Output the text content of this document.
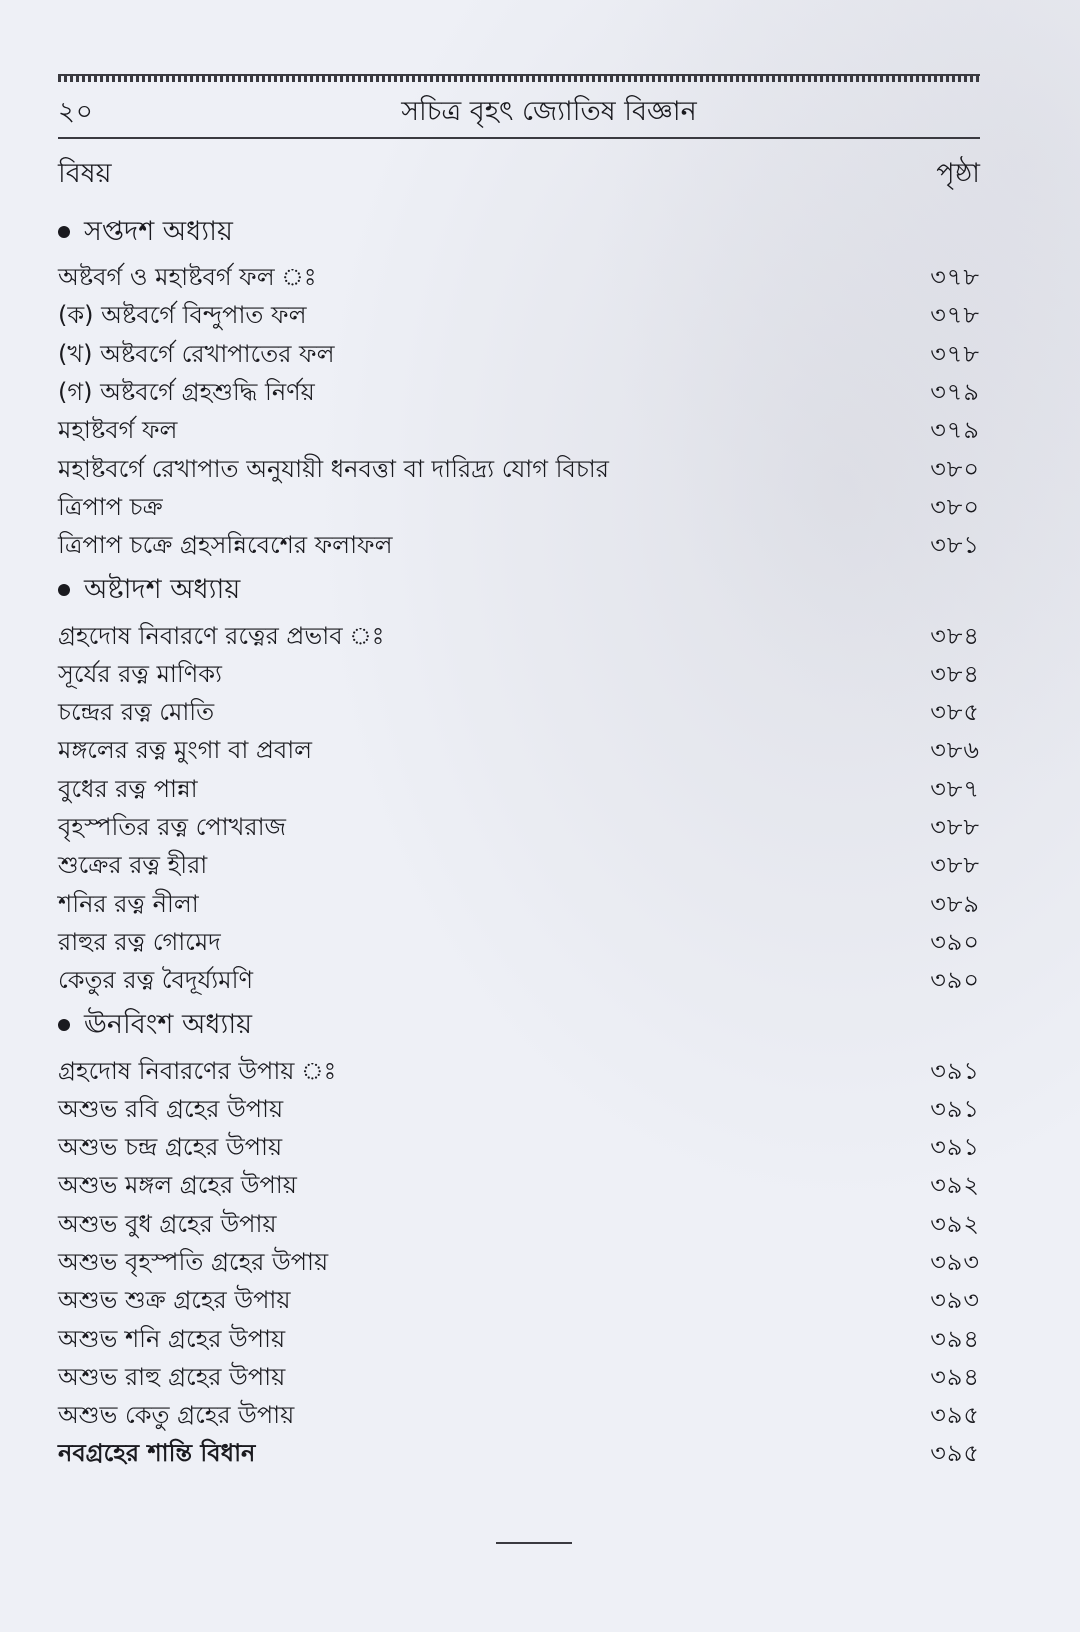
২০	সচিত্র বৃহৎ জ্যোতিষ বিজ্ঞান
বিষয়	পৃষ্ঠা
সপ্তদশ অধ্যায়
অষ্টবর্গ ও মহাষ্টবর্গ ফল ঃ	৩৭৮
(ক) অষ্টবর্গে বিন্দুপাত ফল	৩৭৮
(খ) অষ্টবর্গে রেখাপাতের ফল	৩৭৮
(গ) অষ্টবর্গে গ্রহশুদ্ধি নির্ণয়	৩৭৯
মহাষ্টবর্গ ফল	৩৭৯
মহাষ্টবর্গে রেখাপাত অনুযায়ী ধনবত্তা বা দারিদ্র্য যোগ বিচার	৩৮০
ত্রিপাপ চক্র	৩৮০
ত্রিপাপ চক্রে গ্রহসন্নিবেশের ফলাফল	৩৮১
অষ্টাদশ অধ্যায়
গ্রহদোষ নিবারণে রত্নের প্রভাব ঃ	৩৮৪
সূর্যের রত্ন মাণিক্য	৩৮৪
চন্দ্রের রত্ন মোতি	৩৮৫
মঙ্গলের রত্ন মুংগা বা প্রবাল	৩৮৬
বুধের রত্ন পান্না	৩৮৭
বৃহস্পতির রত্ন পোখরাজ	৩৮৮
শুক্রের রত্ন হীরা	৩৮৮
শনির রত্ন নীলা	৩৮৯
রাহুর রত্ন গোমেদ	৩৯০
কেতুর রত্ন বৈদূর্য্যমণি	৩৯০
ঊনবিংশ অধ্যায়
গ্রহদোষ নিবারণের উপায় ঃ	৩৯১
অশুভ রবি গ্রহের উপায়	৩৯১
অশুভ চন্দ্র গ্রহের উপায়	৩৯১
অশুভ মঙ্গল গ্রহের উপায়	৩৯২
অশুভ বুধ গ্রহের উপায়	৩৯২
অশুভ বৃহস্পতি গ্রহের উপায়	৩৯৩
অশুভ শুক্র গ্রহের উপায়	৩৯৩
অশুভ শনি গ্রহের উপায়	৩৯৪
অশুভ রাহু গ্রহের উপায়	৩৯৪
অশুভ কেতু গ্রহের উপায়	৩৯৫
নবগ্রহের শান্তি বিধান	৩৯৫
